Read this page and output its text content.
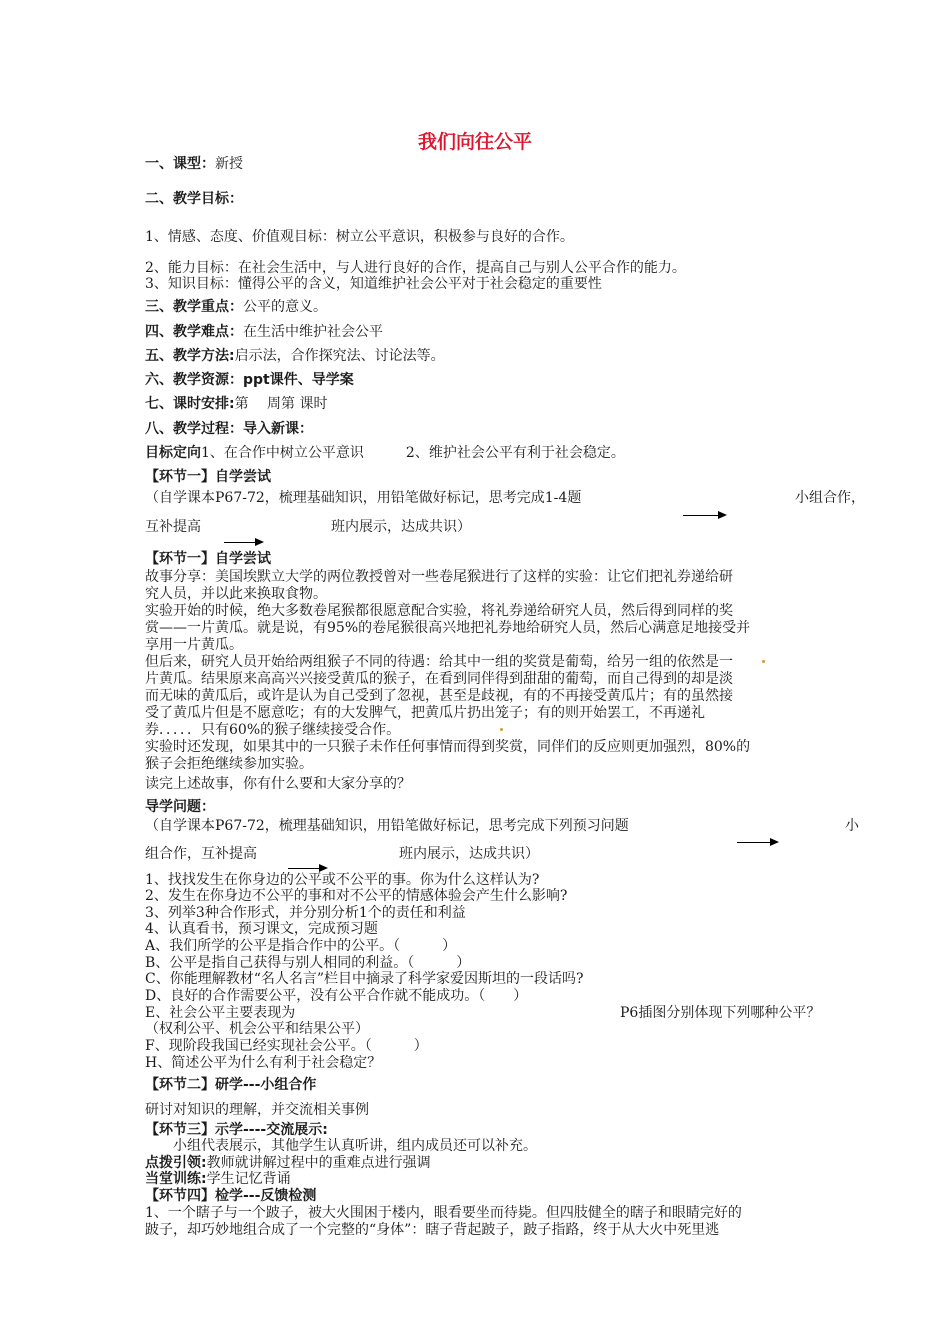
我们向往公平
一、课型：新授
二、教学目标：
1、情感、态度、价值观目标：树立公平意识，积极参与良好的合作。
2、能力目标：在社会生活中，与人进行良好的合作，提高自己与别人公平合作的能力。
3、知识目标：懂得公平的含义，知道维护社会公平对于社会稳定的重要性
三、教学重点：公平的意义。
四、教学难点：在生活中维护社会公平
五、教学方法:启示法，合作探究法、讨论法等。
六、教学资源：ppt课件、导学案
七、课时安排:第　 周第 课时
八、教学过程：导入新课：
目标定向1、在合作中树立公平意识　　　2、维护社会公平有利于社会稳定。
【环节一】自学尝试
（自学课本P67-72，梳理基础知识，用铅笔做好标记，思考完成1-4题	小组合作，
互补提高	班内展示，达成共识）
【环节一】自学尝试
故事分享：美国埃默立大学的两位教授曾对一些卷尾猴进行了这样的实验：让它们把礼券递给研
究人员，并以此来换取食物。
实验开始的时候，绝大多数卷尾猴都很愿意配合实验，将礼券递给研究人员，然后得到同样的奖
赏——一片黄瓜。就是说，有95%的卷尾猴很高兴地把礼券地给研究人员，然后心满意足地接受并
享用一片黄瓜。
但后来，研究人员开始给两组猴子不同的待遇：给其中一组的奖赏是葡萄，给另一组的依然是一
片黄瓜。结果原来高高兴兴接受黄瓜的猴子，在看到同伴得到甜甜的葡萄，而自己得到的却是淡
而无味的黄瓜后，或许是认为自己受到了忽视，甚至是歧视，有的不再接受黄瓜片；有的虽然接
受了黄瓜片但是不愿意吃；有的大发脾气，把黄瓜片扔出笼子；有的则开始罢工，不再递礼
券．．．．．只有60%的猴子继续接受合作。
实验时还发现，如果其中的一只猴子未作任何事情而得到奖赏，同伴们的反应则更加强烈，80%的
猴子会拒绝继续参加实验。
读完上述故事，你有什么要和大家分享的？
导学问题：
（自学课本P67-72，梳理基础知识，用铅笔做好标记，思考完成下列预习问题	小
组合作，互补提高	班内展示，达成共识）
1、找找发生在你身边的公平或不公平的事。你为什么这样认为?
2、发生在你身边不公平的事和对不公平的情感体验会产生什么影响?
3、列举3种合作形式，并分别分析1个的责任和利益
4、认真看书，预习课文，完成预习题
A、我们所学的公平是指合作中的公平。（　　　）
B、公平是指自己获得与别人相同的利益。（　　　）
C、你能理解教材“名人名言”栏目中摘录了科学家爱因斯坦的一段话吗?
D、良好的合作需要公平，没有公平合作就不能成功。（　　）
E、社会公平主要表现为	P6插图分别体现下列哪种公平？
（权利公平、机会公平和结果公平）
F、现阶段我国已经实现社会公平。（　　　）
H、简述公平为什么有利于社会稳定？
【环节二】研学---小组合作
研讨对知识的理解，并交流相关事例
【环节三】示学----交流展示:
小组代表展示，其他学生认真听讲，组内成员还可以补充。
点拨引领:教师就讲解过程中的重难点进行强调
当堂训练:学生记忆背诵
【环节四】检学---反馈检测
1、一个瞎子与一个跛子，被大火围困于楼内，眼看要坐而待毙。但四肢健全的瞎子和眼睛完好的
跛子，却巧妙地组合成了一个完整的“身体”：瞎子背起跛子，跛子指路，终于从大火中死里逃
